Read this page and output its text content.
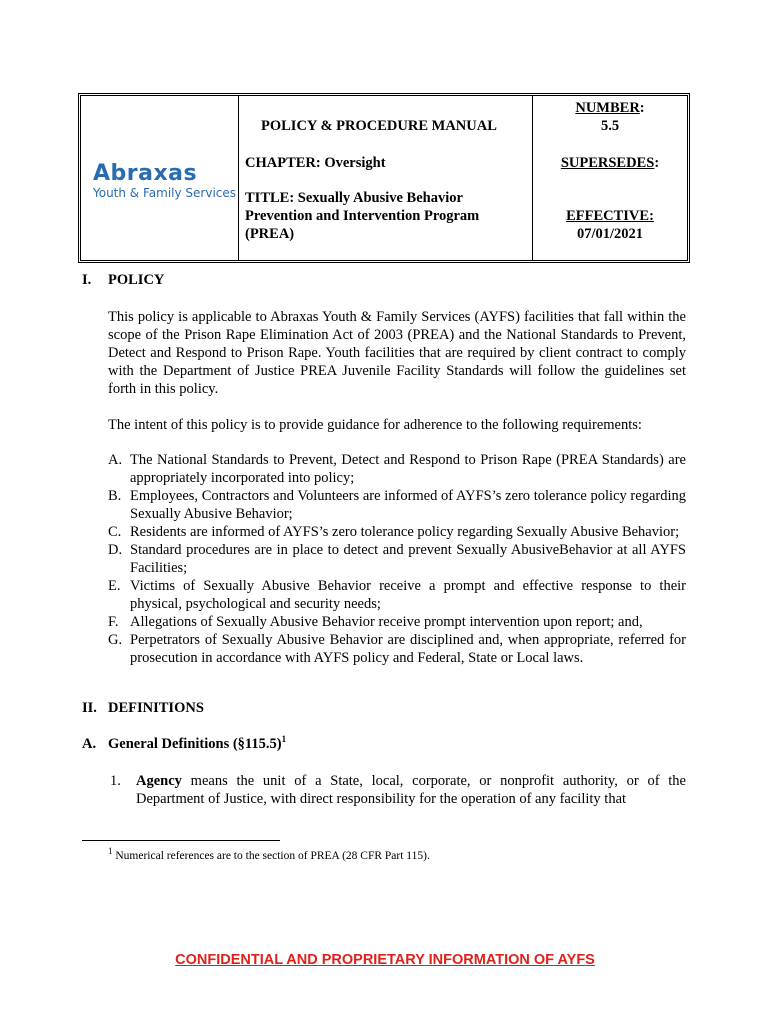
Abraxas
Youth & Family Services
POLICY & PROCEDURE MANUAL
CHAPTER: Oversight
TITLE: Sexually Abusive Behavior
Prevention and Intervention Program
(PREA)
NUMBER:
5.5
SUPERSEDES:
EFFECTIVE:
07/01/2021
I. POLICY
This policy is applicable to Abraxas Youth & Family Services (AYFS) facilities that fall within the scope of the Prison Rape Elimination Act of 2003 (PREA) and the National Standards to Prevent, Detect and Respond to Prison Rape. Youth facilities that are required by client contract to comply with the Department of Justice PREA Juvenile Facility Standards will follow the guidelines set forth in this policy.
The intent of this policy is to provide guidance for adherence to the following requirements:
A. The National Standards to Prevent, Detect and Respond to Prison Rape (PREA Standards) are appropriately incorporated into policy;
B. Employees, Contractors and Volunteers are informed of AYFS’s zero tolerance policy regarding Sexually Abusive Behavior;
C. Residents are informed of AYFS’s zero tolerance policy regarding Sexually Abusive Behavior;
D. Standard procedures are in place to detect and prevent Sexually AbusiveBehavior at all AYFS Facilities;
E. Victims of Sexually Abusive Behavior receive a prompt and effective response to their physical, psychological and security needs;
F. Allegations of Sexually Abusive Behavior receive prompt intervention upon report; and,
G. Perpetrators of Sexually Abusive Behavior are disciplined and, when appropriate, referred for prosecution in accordance with AYFS policy and Federal, State or Local laws.
II. DEFINITIONS
A. General Definitions (§115.5)$^1$
1.	Agency means the unit of a State, local, corporate, or nonprofit authority, or of the Department of Justice, with direct responsibility for the operation of any facility that
$^1$ Numerical references are to the section of PREA (28 CFR Part 115).
CONFIDENTIAL AND PROPRIETARY INFORMATION OF AYFS
